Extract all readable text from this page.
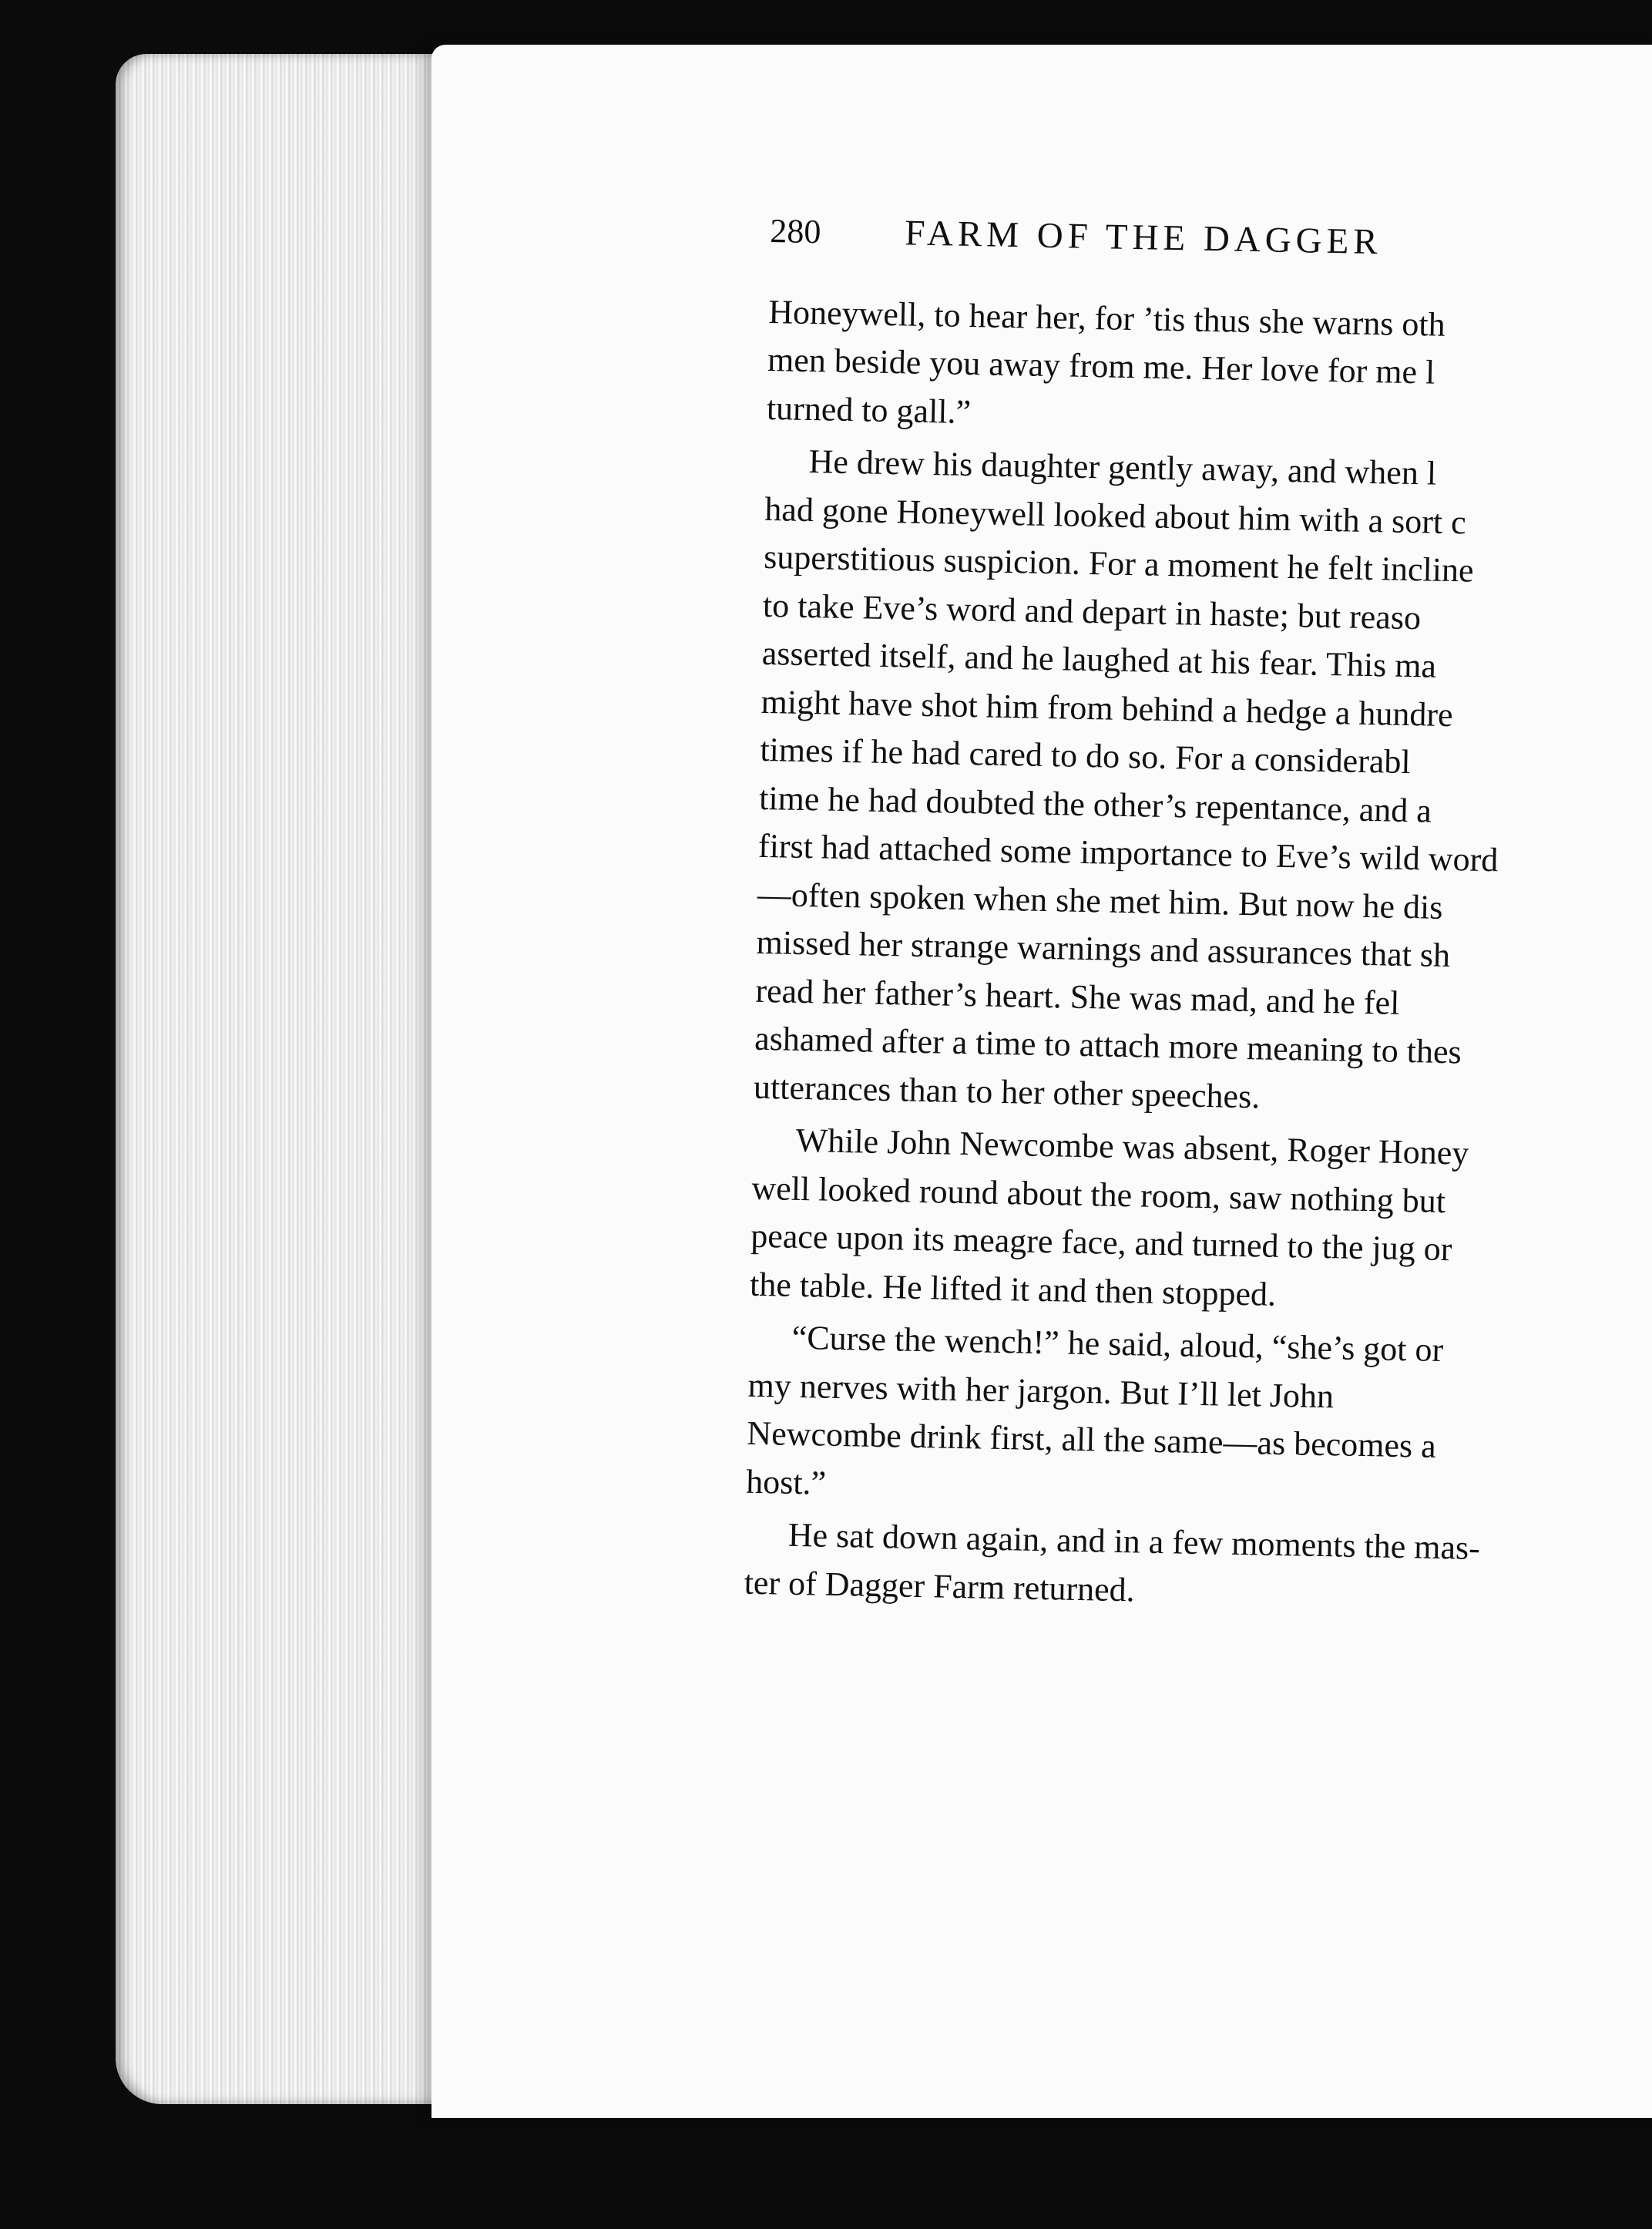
280	FARM OF THE DAGGER

Honeywell, to hear her, for ’tis thus she warns oth
men beside you away from me. Her love for me l
turned to gall.”

He drew his daughter gently away, and when l
had gone Honeywell looked about him with a sort c
superstitious suspicion. For a moment he felt incline
to take Eve’s word and depart in haste; but reaso
asserted itself, and he laughed at his fear. This ma
might have shot him from behind a hedge a hundre
times if he had cared to do so. For a considerabl
time he had doubted the other’s repentance, and a
first had attached some importance to Eve’s wild word
—often spoken when she met him. But now he dis
missed her strange warnings and assurances that sh
read her father’s heart. She was mad, and he fel
ashamed after a time to attach more meaning to thes
utterances than to her other speeches.

While John Newcombe was absent, Roger Honey
well looked round about the room, saw nothing but
peace upon its meagre face, and turned to the jug or
the table. He lifted it and then stopped.

“Curse the wench!” he said, aloud, “she’s got or
my nerves with her jargon. But I’ll let John
Newcombe drink first, all the same—as becomes a
host.”

He sat down again, and in a few moments the mas-
ter of Dagger Farm returned.
